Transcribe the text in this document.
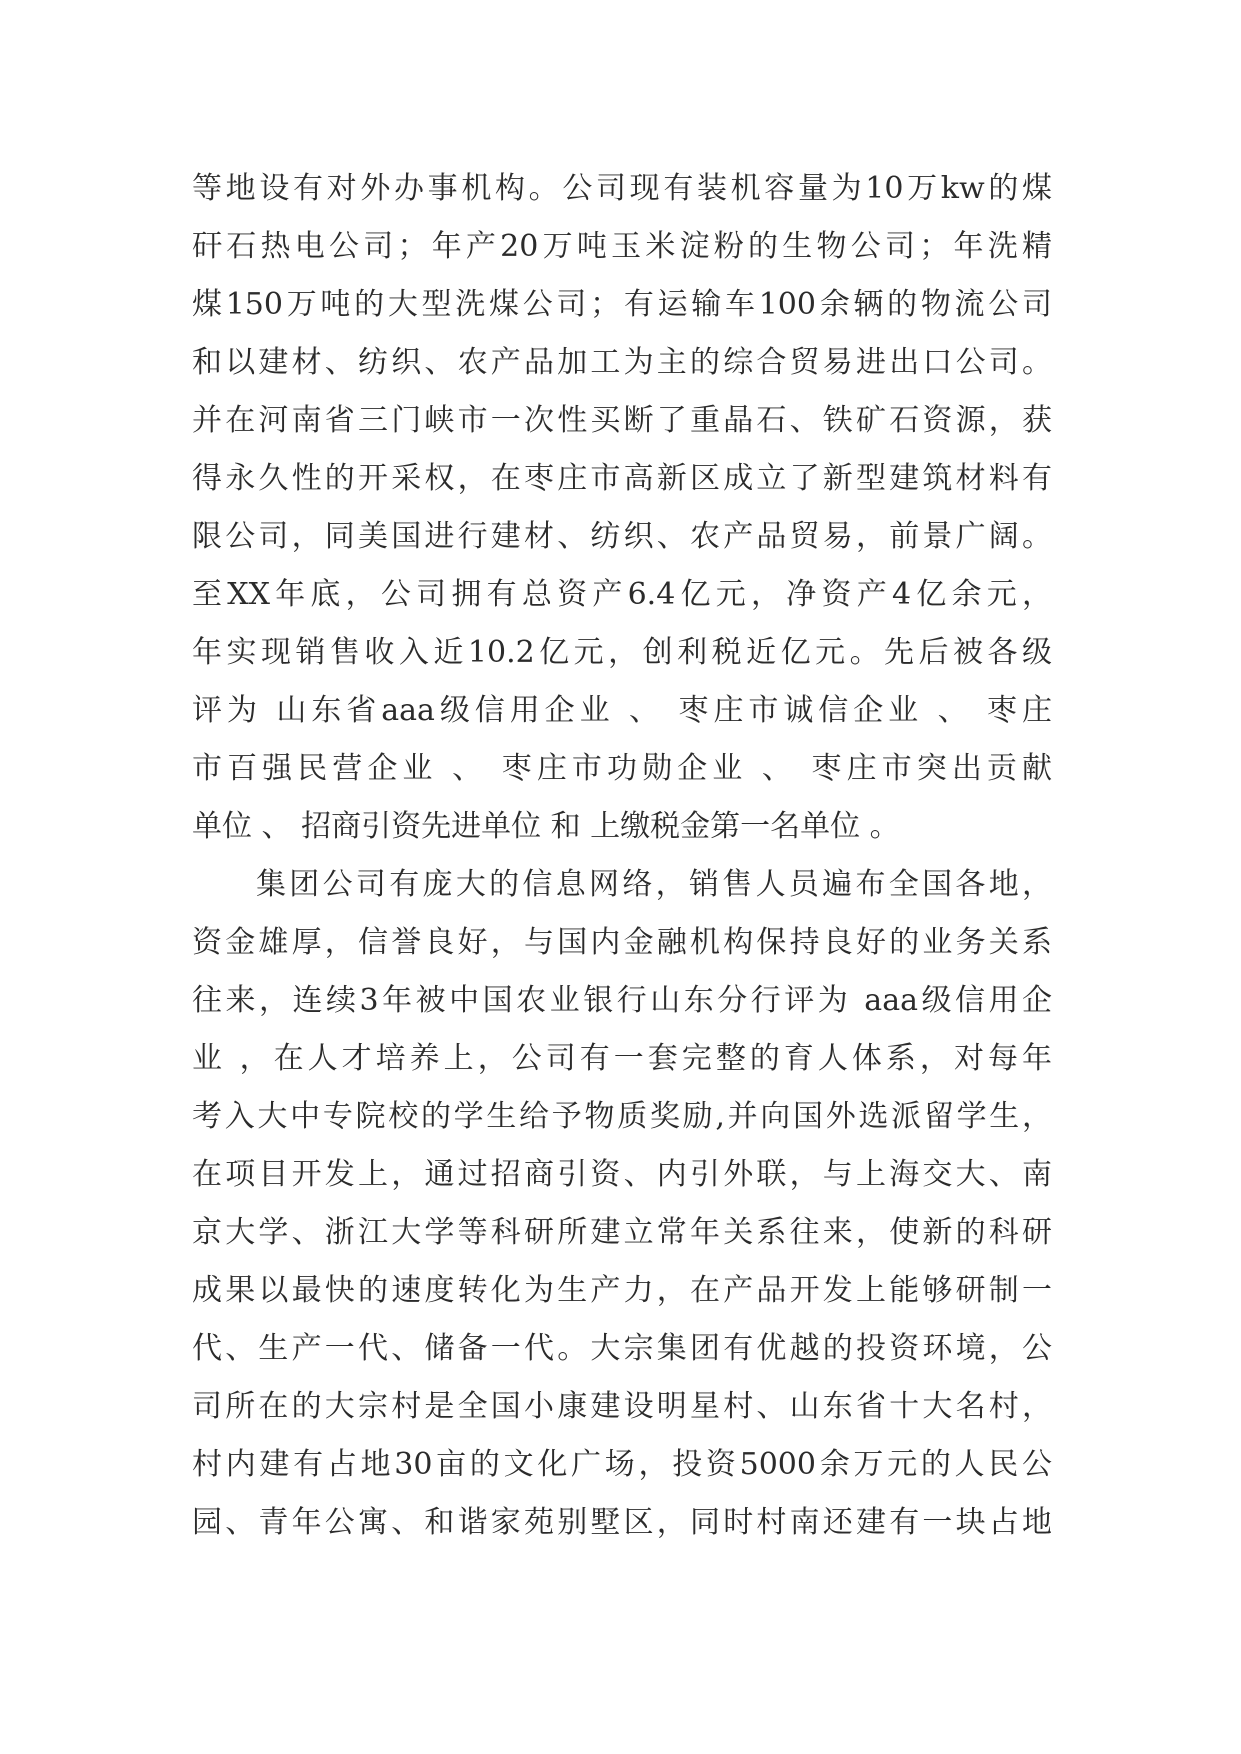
等地设有对外办事机构。公司现有装机容量为10万kw的煤
矸石热电公司；年产20万吨玉米淀粉的生物公司；年洗精
煤150万吨的大型洗煤公司；有运输车100余辆的物流公司
和以建材、纺织、农产品加工为主的综合贸易进出口公司。
并在河南省三门峡市一次性买断了重晶石、铁矿石资源，获
得永久性的开采权，在枣庄市高新区成立了新型建筑材料有
限公司，同美国进行建材、纺织、农产品贸易，前景广阔。
至XX年底，公司拥有总资产6.4亿元，净资产4亿余元，
年实现销售收入近10.2亿元，创利税近亿元。先后被各级
评为 山东省aaa级信用企业 、 枣庄市诚信企业 、 枣庄
市百强民营企业 、 枣庄市功勋企业 、 枣庄市突出贡献
单位 、 招商引资先进单位 和 上缴税金第一名单位 。
集团公司有庞大的信息网络，销售人员遍布全国各地，
资金雄厚，信誉良好，与国内金融机构保持良好的业务关系
往来，连续3年被中国农业银行山东分行评为 aaa级信用企
业 ，在人才培养上，公司有一套完整的育人体系，对每年
考入大中专院校的学生给予物质奖励,并向国外选派留学生，
在项目开发上，通过招商引资、内引外联，与上海交大、南
京大学、浙江大学等科研所建立常年关系往来，使新的科研
成果以最快的速度转化为生产力，在产品开发上能够研制一
代、生产一代、储备一代。大宗集团有优越的投资环境，公
司所在的大宗村是全国小康建设明星村、山东省十大名村，
村内建有占地30亩的文化广场，投资5000余万元的人民公
园、青年公寓、和谐家苑别墅区，同时村南还建有一块占地
